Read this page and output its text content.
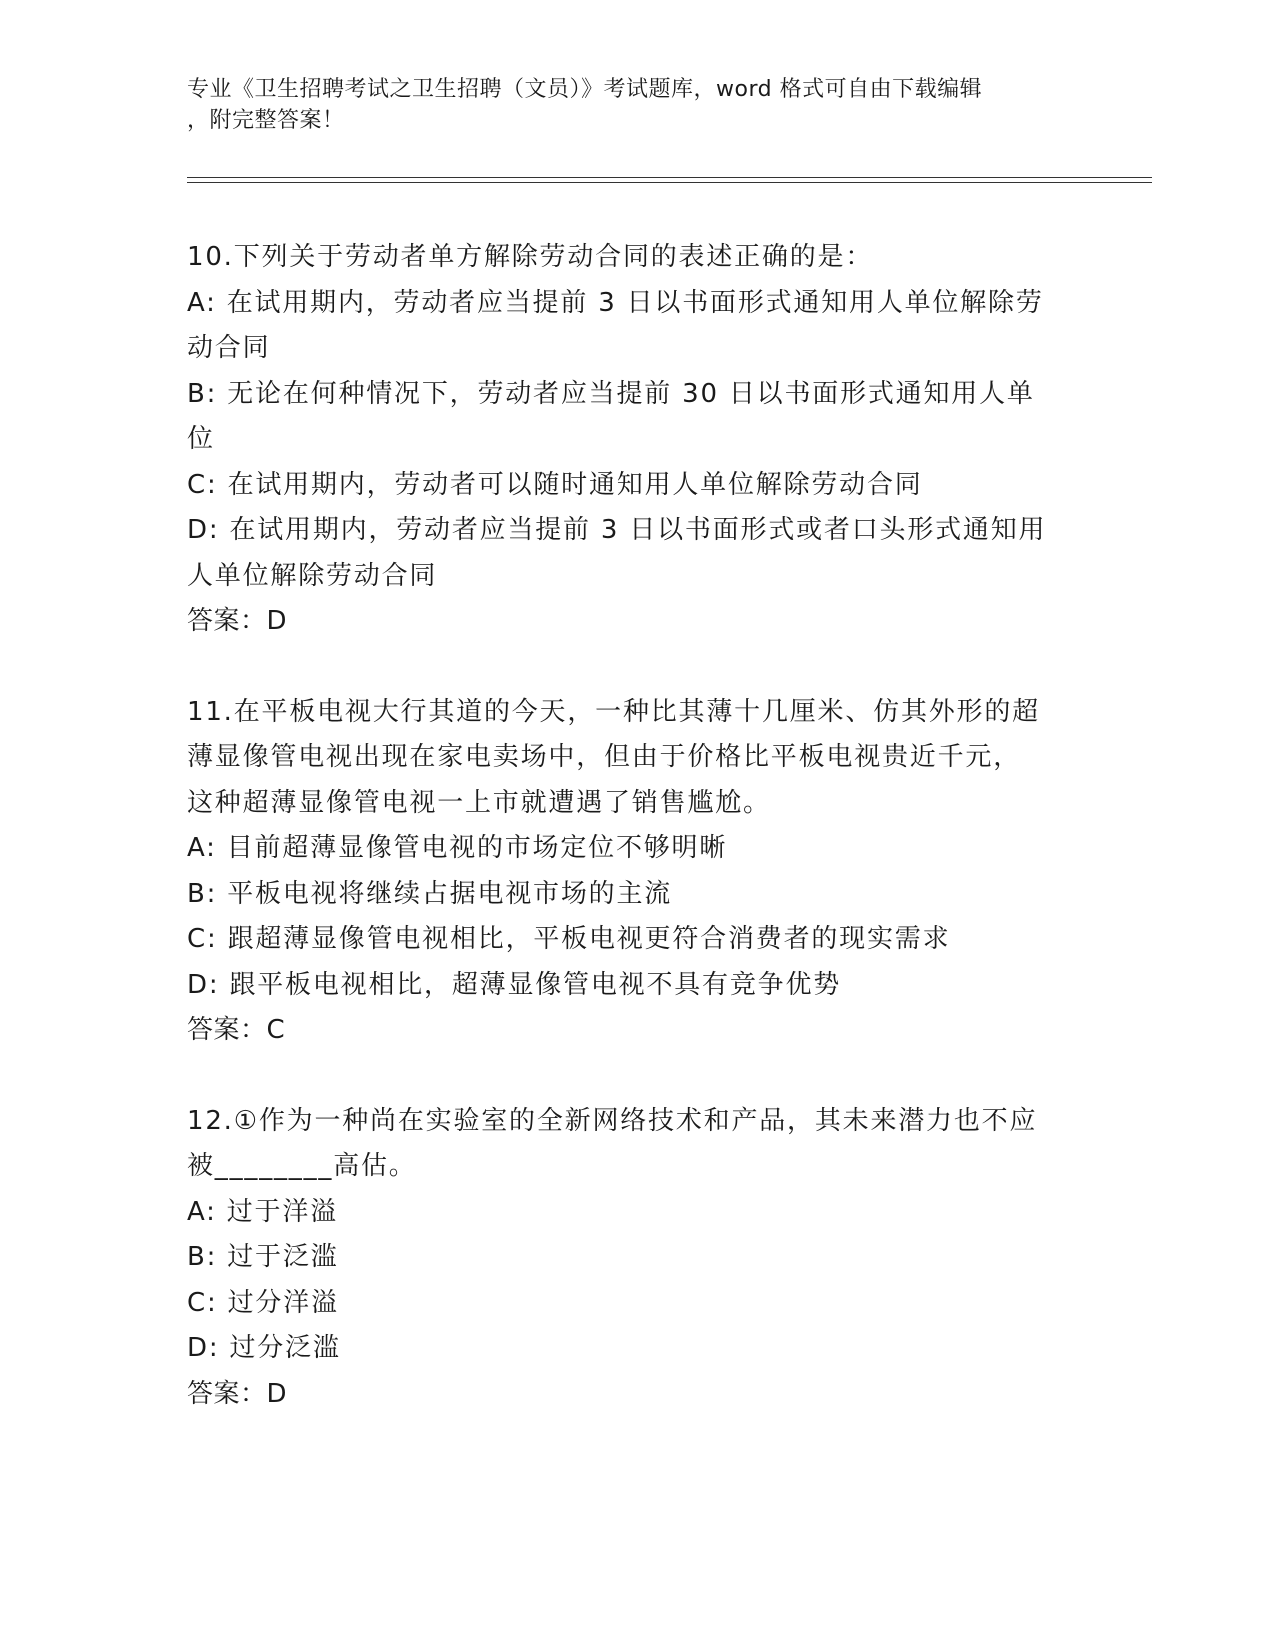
专业《卫生招聘考试之卫生招聘（文员）》考试题库，word 格式可自由下载编辑
，附完整答案！
10.下列关于劳动者单方解除劳动合同的表述正确的是：
A: 在试用期内，劳动者应当提前 3 日以书面形式通知用人单位解除劳
动合同
B: 无论在何种情况下，劳动者应当提前 30 日以书面形式通知用人单
位
C: 在试用期内，劳动者可以随时通知用人单位解除劳动合同
D: 在试用期内，劳动者应当提前 3 日以书面形式或者口头形式通知用
人单位解除劳动合同
答案：D
11.在平板电视大行其道的今天，一种比其薄十几厘米、仿其外形的超
薄显像管电视出现在家电卖场中，但由于价格比平板电视贵近千元，
这种超薄显像管电视一上市就遭遇了销售尴尬。
A: 目前超薄显像管电视的市场定位不够明晰
B: 平板电视将继续占据电视市场的主流
C: 跟超薄显像管电视相比，平板电视更符合消费者的现实需求
D: 跟平板电视相比，超薄显像管电视不具有竞争优势
答案：C
12.①作为一种尚在实验室的全新网络技术和产品，其未来潜力也不应
被________高估。
A: 过于洋溢
B: 过于泛滥
C: 过分洋溢
D: 过分泛滥
答案：D
